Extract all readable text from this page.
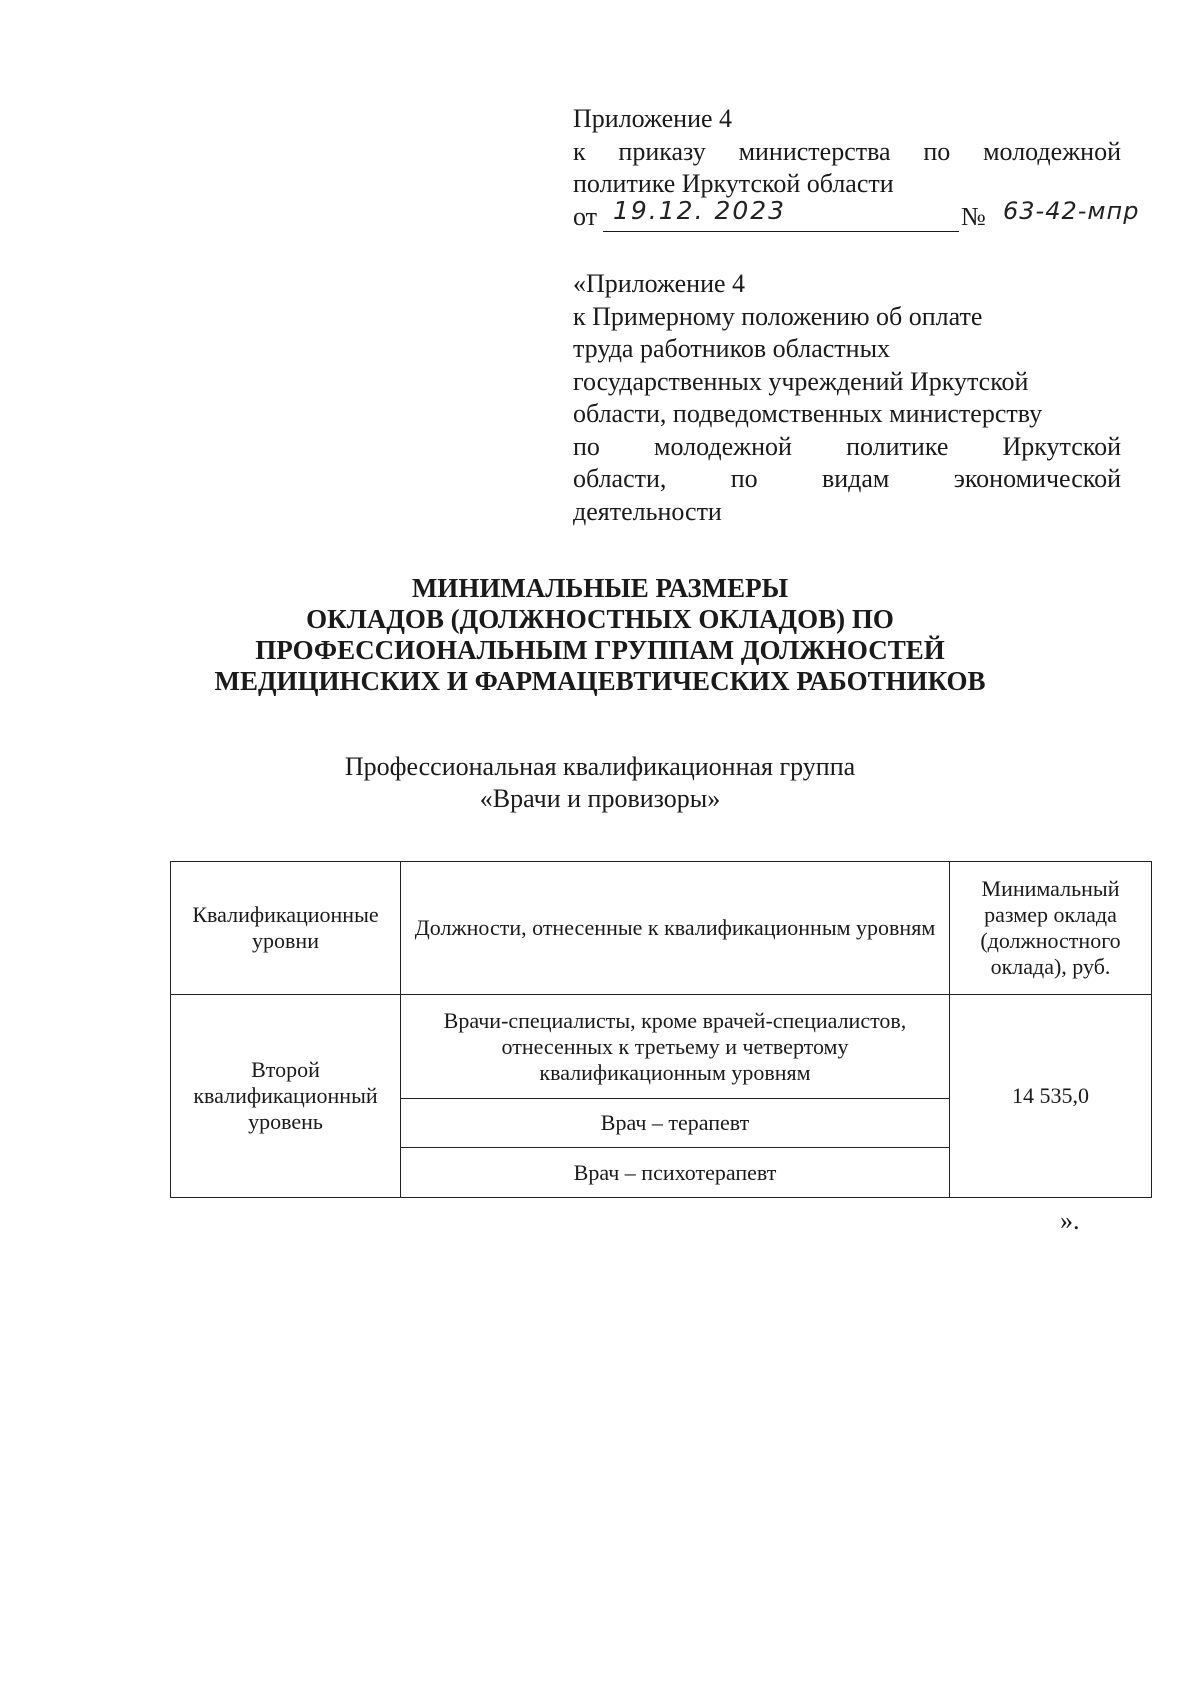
Приложение 4
к приказу министерства по молодежной
политике Иркутской области
от 19.12. 2023	№ 63-42-мпр
«Приложение 4
к Примерному положению об оплате
труда работников областных
государственных учреждений Иркутской
области, подведомственных министерству
по молодежной политике Иркутской
области, по видам экономической
деятельности
МИНИМАЛЬНЫЕ РАЗМЕРЫ
ОКЛАДОВ (ДОЛЖНОСТНЫХ ОКЛАДОВ) ПО
ПРОФЕССИОНАЛЬНЫМ ГРУППАМ ДОЛЖНОСТЕЙ
МЕДИЦИНСКИХ И ФАРМАЦЕВТИЧЕСКИХ РАБОТНИКОВ
Профессиональная квалификационная группа
«Врачи и провизоры»
Квалификационные уровни	Должности, отнесенные к квалификационным уровням	Минимальный размер оклада (должностного оклада), руб.
Второй квалификационный уровень	Врачи-специалисты, кроме врачей-специалистов, отнесенных к третьему и четвертому квалификационным уровням	14 535,0
	Врач – терапевт	
	Врач – психотерапевт	
».
